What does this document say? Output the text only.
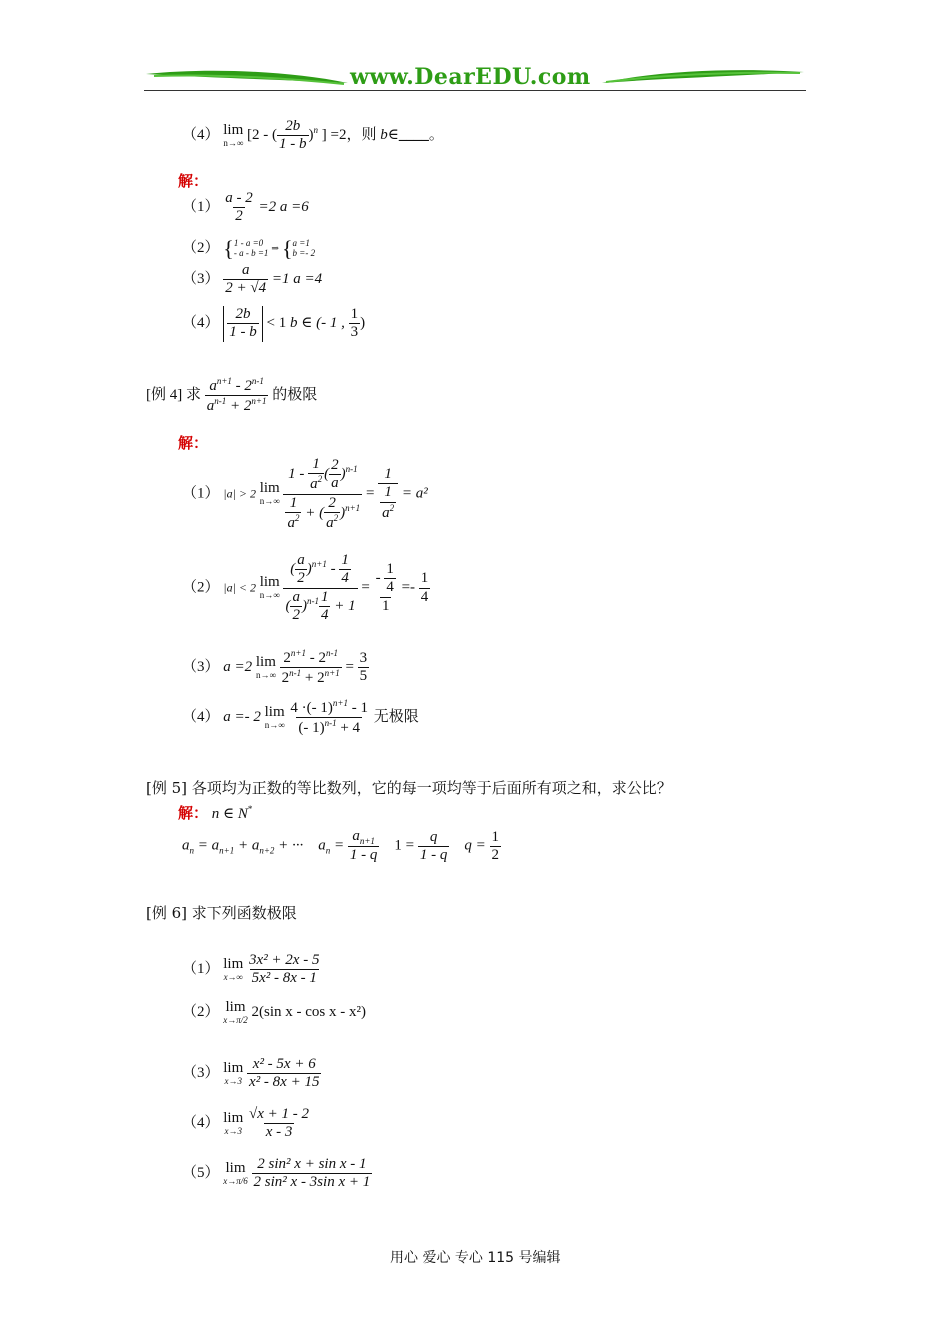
www.DearEDU.com
（4） lim
n→∞ [2 - ( $\frac{2b}{1 - b} )^n$ ] =2，则 b∈____。
解：
$(1) \frac{a - 2}{2} =2$ a =6
（2） { 1 - a =0
- a - b =1 ⇒ { a =1
b =- 2
$(3) \frac{a}{2 + √4} =1$ a =4
$(4) \frac{2b}{1 - b} < 1$ b ∈ (- 1 , $\frac{1}{3}$ )
[例 4] 求 $\frac{a^{n+1} - 2^{n-1}}{a^{n-1} + 2^{n+1}}$ 的极限
解：
（1） |a| > 2 lim
n→∞
$\frac{1 - \frac{1}{a^2} ( \frac{2}{a} )^{n-1}}{\frac{1}{a^2} + ( \frac{2}{a^2} )^{n+1}} = \frac{1}{\frac{1}{a^2}} = a^2$
（2） |a| < 2 lim
n→∞
$\frac{( \frac{a}{2} )^{n+1} - \frac{1}{4}}{( \frac{a}{2} )^{n-1} \frac{1}{4} + 1} = \frac{- \frac{1}{4}}{1} =- \frac{1}{4}$
（3） a =2 lim
n→∞
$\frac{2^{n+1} - 2^{n-1}}{2^{n-1} + 2^{n+1}} = \frac{3}{5}$
（4） a =- 2 lim
n→∞
$\frac{4 \cdot(- 1)^{n+1} - 1}{(- 1)^{n-1} + 4}$ 无极限
[例 5] 各项均为正数的等比数列，它的每一项均等于后面所有项之和，求公比？
解： n ∈ N*
$a_n = a_{n+1} + a_{n+2}$ + ···    $a_n = \frac{a_{n+1}}{1 - q} 1 = \frac{q}{1 - q}$ $q = \frac{1}{2}$
[例 6] 求下列函数极限
（1） lim
x→∞
$\frac{\text{3x² + 2x - 5}}{\text{5x² - 8x - 1}}$
（2） lim
x→π/2 2(sin x - cos x - x²)
（3） lim
x→3
$\frac{\text{x² - 5x + 6}}{\text{x² - 8x + 15}}$
（4） lim
x→3
$\frac{√x + 1 - 2}{x - 3}$
（5） lim
x→π/6
$\frac{\text{2 sin² x + sin x - 1}}{\text{2 sin² x - 3sin x + 1}}$
用心 爱心 专心 115 号编辑
